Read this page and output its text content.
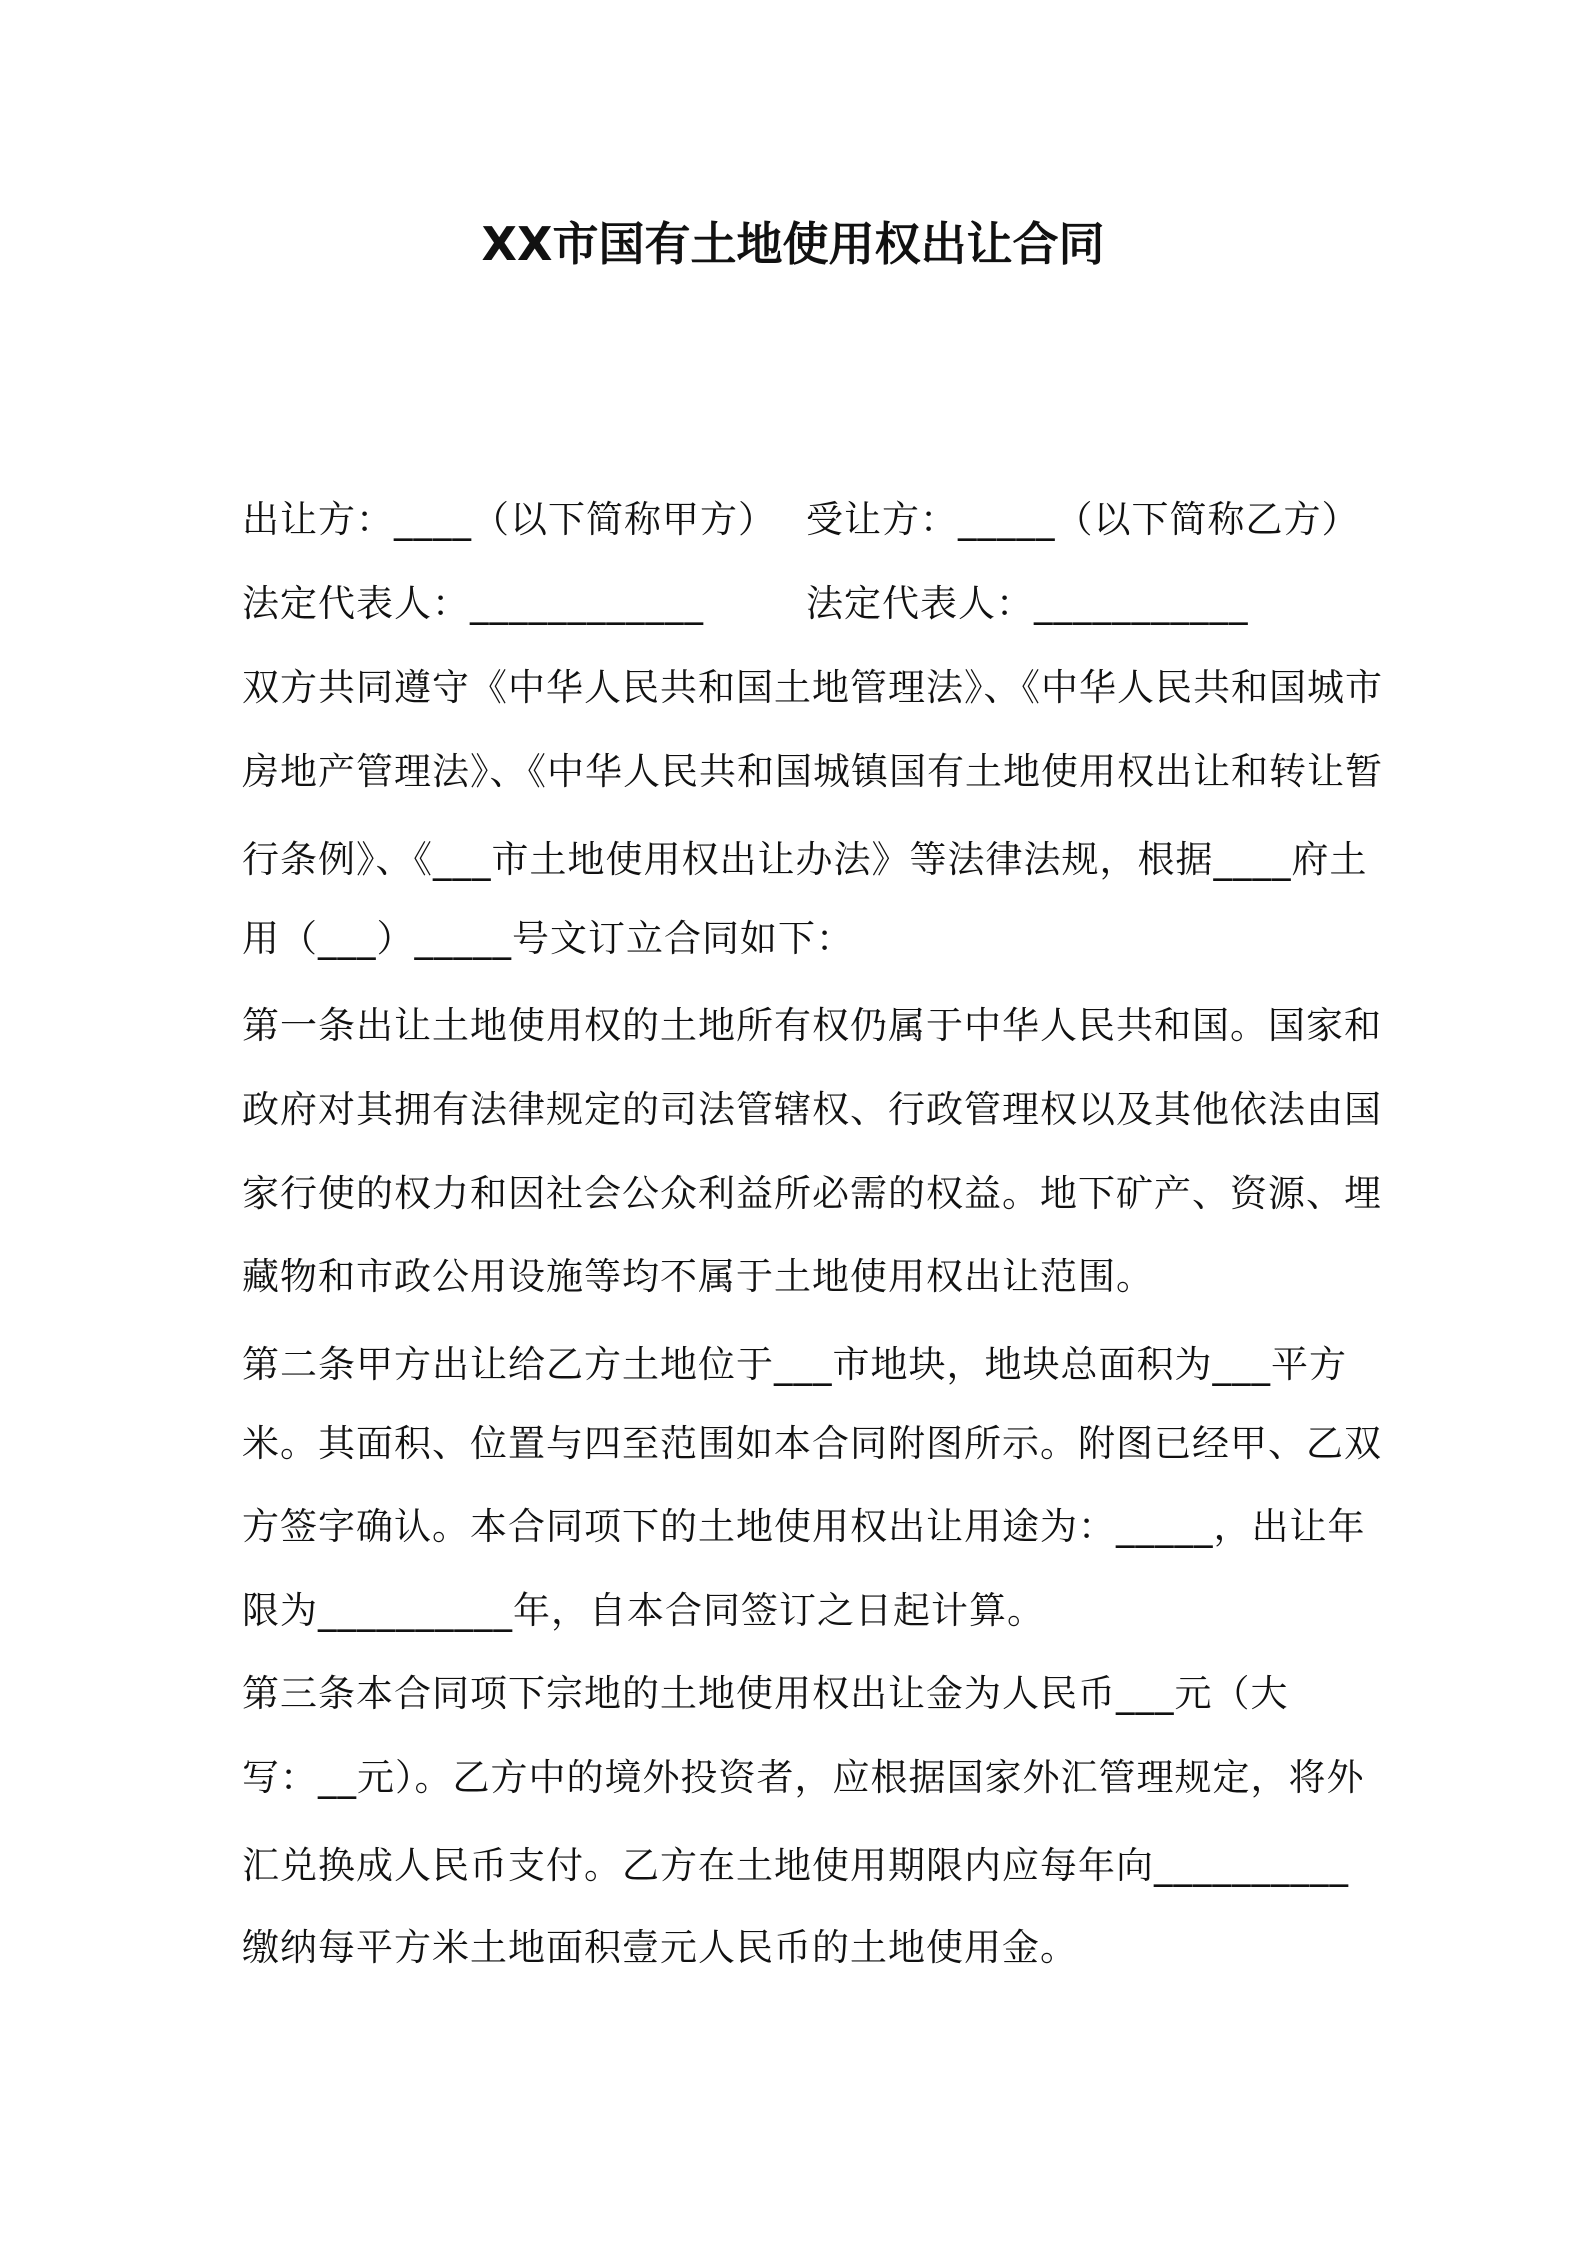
XX市国有土地使用权出让合同
出让方：____（以下简称甲方） 受让方：_____（以下简称乙方）
法定代表人：____________	法定代表人：___________
双方共同遵守《中华人民共和国土地管理法》、《中华人民共和国城市
房地产管理法》、《中华人民共和国城镇国有土地使用权出让和转让暂
行条例》、《___市土地使用权出让办法》等法律法规，根据____府土
用（___）_____号文订立合同如下：
第一条出让土地使用权的土地所有权仍属于中华人民共和国。国家和
政府对其拥有法律规定的司法管辖权、行政管理权以及其他依法由国
家行使的权力和因社会公众利益所必需的权益。地下矿产、资源、埋
藏物和市政公用设施等均不属于土地使用权出让范围。
第二条甲方出让给乙方土地位于___市地块，地块总面积为___平方
米。其面积、位置与四至范围如本合同附图所示。附图已经甲、乙双
方签字确认。本合同项下的土地使用权出让用途为：_____，出让年
限为__________年，自本合同签订之日起计算。
第三条本合同项下宗地的土地使用权出让金为人民币___元（大
写：__元）。乙方中的境外投资者，应根据国家外汇管理规定，将外
汇兑换成人民币支付。乙方在土地使用期限内应每年向__________
缴纳每平方米土地面积壹元人民币的土地使用金。
